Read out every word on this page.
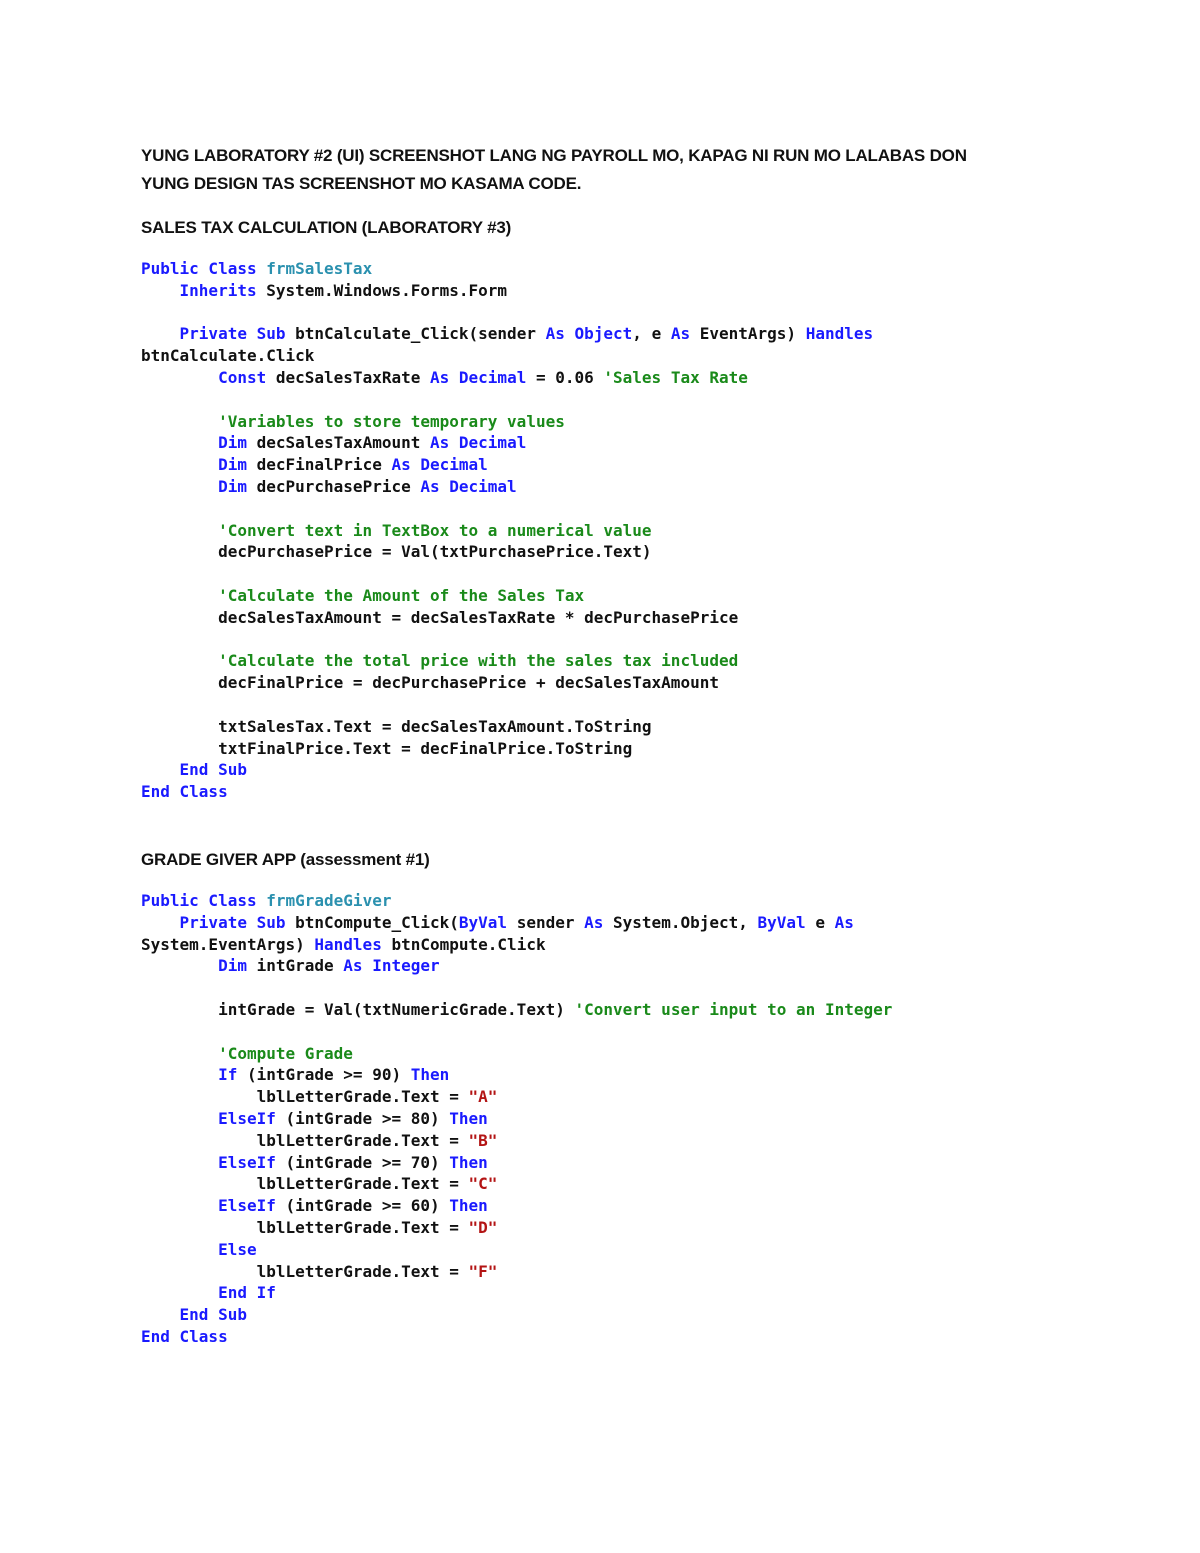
YUNG LABORATORY #2 (UI) SCREENSHOT LANG NG PAYROLL MO, KAPAG NI RUN MO LALABAS DON
YUNG DESIGN TAS SCREENSHOT MO KASAMA CODE.
SALES TAX CALCULATION (LABORATORY #3)
Public Class frmSalesTax
Inherits System.Windows.Forms.Form
Private Sub btnCalculate_Click(sender As Object, e As EventArgs) Handles
btnCalculate.Click
Const decSalesTaxRate As Decimal = 0.06 'Sales Tax Rate
'Variables to store temporary values
Dim decSalesTaxAmount As Decimal
Dim decFinalPrice As Decimal
Dim decPurchasePrice As Decimal
'Convert text in TextBox to a numerical value
decPurchasePrice = Val(txtPurchasePrice.Text)
'Calculate the Amount of the Sales Tax
decSalesTaxAmount = decSalesTaxRate * decPurchasePrice
'Calculate the total price with the sales tax included
decFinalPrice = decPurchasePrice + decSalesTaxAmount
txtSalesTax.Text = decSalesTaxAmount.ToString
txtFinalPrice.Text = decFinalPrice.ToString
End Sub
End Class
GRADE GIVER APP (assessment #1)
Public Class frmGradeGiver
Private Sub btnCompute_Click(ByVal sender As System.Object, ByVal e As
System.EventArgs) Handles btnCompute.Click
Dim intGrade As Integer
intGrade = Val(txtNumericGrade.Text) 'Convert user input to an Integer
'Compute Grade
If (intGrade >= 90) Then
lblLetterGrade.Text = "A"
ElseIf (intGrade >= 80) Then
lblLetterGrade.Text = "B"
ElseIf (intGrade >= 70) Then
lblLetterGrade.Text = "C"
ElseIf (intGrade >= 60) Then
lblLetterGrade.Text = "D"
Else
lblLetterGrade.Text = "F"
End If
End Sub
End Class
